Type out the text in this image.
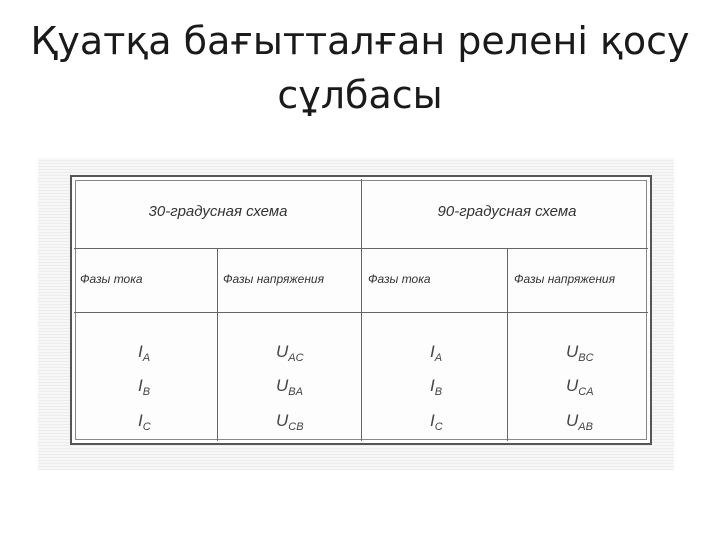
Қуатқа бағытталған релені қосу
сұлбасы
30-градусная схема	90-градусная схема
Фазы тока	Фазы напряжения	Фазы тока	Фазы напряжения
$I_A$	$U_{AC}$	$I_A$	$U_{BC}$
$I_B$	$U_{BA}$	$I_B$	$U_{CA}$
$I_C$	$U_{CB}$	$I_C$	$U_{AB}$
